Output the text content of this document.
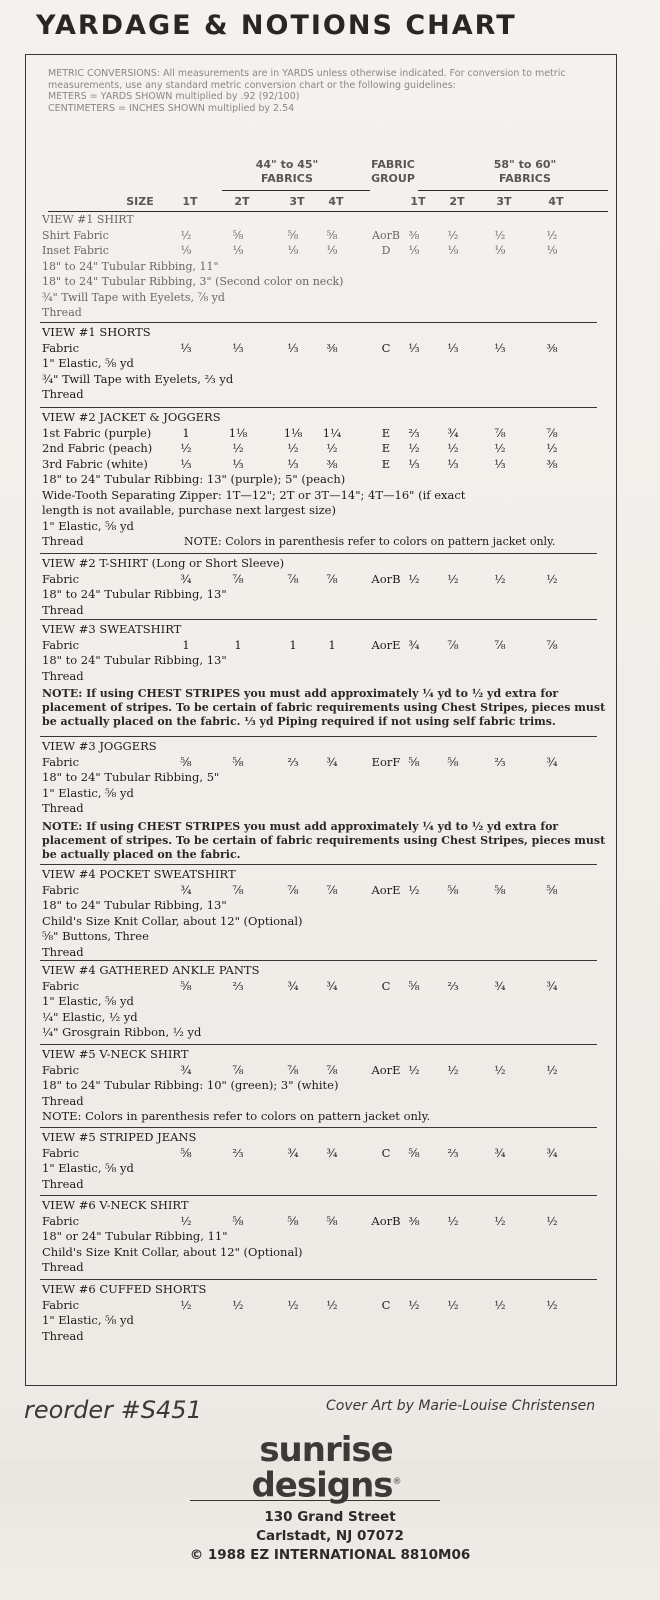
YARDAGE & NOTIONS CHART
METRIC CONVERSIONS: All measurements are in YARDS unless otherwise indicated. For conversion to metric measurements, use any standard metric conversion chart or the following guidelines:
METERS = YARDS SHOWN multiplied by .92 (92/100)
CENTIMETERS = INCHES SHOWN multiplied by 2.54
44" to 45"
FABRICS
FABRIC
GROUP
58" to 60"
FABRICS
SIZE	1T	2T	3T	4T	1T	2T	3T	4T
VIEW #1 SHIRT
Shirt Fabric	½	⅝	⅝	⅝	AorB ⅜	½	½	½
Inset Fabric	⅑	⅑	⅑	⅑	D	⅑	⅑	⅑	⅑
18" to 24" Tubular Ribbing, 11"
18" to 24" Tubular Ribbing, 3" (Second color on neck)
¾" Twill Tape with Eyelets, ⅞ yd
Thread
VIEW #1 SHORTS
Fabric	⅓	⅓	⅓	⅜	C	⅓	⅓	⅓	⅜
1" Elastic, ⅝ yd
¾" Twill Tape with Eyelets, ⅔ yd
Thread
VIEW #2 JACKET & JOGGERS
1st Fabric (purple)	1	1⅛	1⅛	1¼	E	⅔	¾	⅞	⅞
2nd Fabric (peach)	½	½	½	½	E	½	½	½	½
3rd Fabric (white)	⅓	⅓	⅓	⅜	E	⅓	⅓	⅓	⅜
18" to 24" Tubular Ribbing: 13" (purple); 5" (peach)
Wide-Tooth Separating Zipper: 1T—12"; 2T or 3T—14"; 4T—16" (if exact
length is not available, purchase next largest size)
1" Elastic, ⅝ yd
Thread	NOTE: Colors in parenthesis refer to colors on pattern jacket only.
VIEW #2 T-SHIRT (Long or Short Sleeve)
Fabric	¾	⅞	⅞	⅞	AorB ½	½	½	½
18" to 24" Tubular Ribbing, 13"
Thread
VIEW #3 SWEATSHIRT
Fabric	1	1	1	1	AorE ¾	⅞	⅞	⅞
18" to 24" Tubular Ribbing, 13"
Thread
NOTE: If using CHEST STRIPES you must add approximately ¼ yd to ½ yd extra for placement of stripes. To be certain of fabric requirements using Chest Stripes, pieces must be actually placed on the fabric. ⅓ yd Piping required if not using self fabric trims.
VIEW #3 JOGGERS
Fabric	⅝	⅝	⅔	¾	EorF ⅝	⅝	⅔	¾
18" to 24" Tubular Ribbing, 5"
1" Elastic, ⅝ yd
Thread
NOTE: If using CHEST STRIPES you must add approximately ¼ yd to ½ yd extra for placement of stripes. To be certain of fabric requirements using Chest Stripes, pieces must be actually placed on the fabric.
VIEW #4 POCKET SWEATSHIRT
Fabric	¾	⅞	⅞	⅞	AorE ½	⅝	⅝	⅝
18" to 24" Tubular Ribbing, 13"
Child's Size Knit Collar, about 12" (Optional)
⅝" Buttons, Three
Thread
VIEW #4 GATHERED ANKLE PANTS
Fabric	⅝	⅔	¾	¾	C	⅝	⅔	¾	¾
1" Elastic, ⅝ yd
¼" Elastic, ½ yd
¼" Grosgrain Ribbon, ½ yd
VIEW #5 V-NECK SHIRT
Fabric	¾	⅞	⅞	⅞	AorE ½	½	½	½
18" to 24" Tubular Ribbing: 10" (green); 3" (white)
Thread
NOTE: Colors in parenthesis refer to colors on pattern jacket only.
VIEW #5 STRIPED JEANS
Fabric	⅝	⅔	¾	¾	C	⅝	⅔	¾	¾
1" Elastic, ⅝ yd
Thread
VIEW #6 V-NECK SHIRT
Fabric	½	⅝	⅝	⅝	AorB ⅜	½	½	½
18" or 24" Tubular Ribbing, 11"
Child's Size Knit Collar, about 12" (Optional)
Thread
VIEW #6 CUFFED SHORTS
Fabric	½	½	½	½	C	½	½	½	½
1" Elastic, ⅝ yd
Thread
reorder #S451	Cover Art by Marie-Louise Christensen
sunrise
designs®
130 Grand Street
Carlstadt, NJ 07072
© 1988 EZ INTERNATIONAL 8810M06
